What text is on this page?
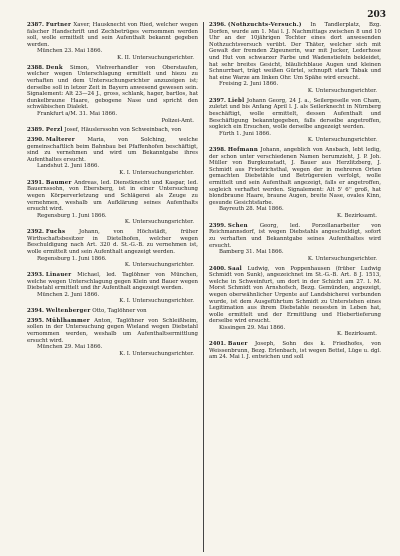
203

2387. Furtner Xaver, Hausknecht von Ried, welcher wegen falscher Handschrift und Zechbetrüges vernommen werden soll, wolle ermittelt und sein Aufenthalt bekannt gegeben werden.
München 23. Mai 1866.
K. II. Untersuchungsrichter.

2388. Denk Simon, Viehverhandler von Oberstaufen, welcher wegen Unterschlagung ermittelt und hiezu zu verhaften und dem Untersuchungsrichter anzuzeigen ist; derselbe soll in letzer Zeit in Bayern anwesend gewesen sein. Signalement: Alt 23—24 J., gross, schlank, hager, bartlos, hat dunkelbraune Haare, gebogene Nase und spricht den schwäbischen Dialekt.
Frankfurt a/M. 31. Mai 1866.
Polizei-Amt.

2389. Perzl Josef, Häuslerssohn von Schweinbach, von

2390. Malterer Maria, von Solching, welche gemeinschaftlich beim Bahnbau bei Pfaffenhofen beschäftigt, sind zu vernehmen und wird um Bekanntgabe ihres Aufenthaltes ersucht.
Landshut 2. Juni 1866.
K. I. Untersuchungsrichter.

2391. Baumer Andreas, led. Dienstknecht und Kaspar, led. Bauernssohn, von Ebersberg, ist in einer Untersuchung wegen Körperverletzung und Schlägerei als Zeuge zu vernehmen, weshalb um Aufklärung seines Aufenthalts ersucht wird.
Regensburg 1. Juni 1866.
K. Untersuchungsrichter.

2392. Fuchs	Johann, von Höchstädt, früher Wirthschaftsbesitzer in Dietelhofen, welcher wegen Beschuldigung nach Art. 320 d. St.-G.-B. zu vernehmen ist, wolle ermittelt und sein Aufenthalt angezeigt werden.
Regensburg 1. Juni 1866.
K. Untersuchungsrichter.

2393. Linauer Michael, led. Taglöhner von München, welche wegen Unterschlagung gegen Klein und Bauer wegen Diebstahl ermittelt und ihr Aufenthalt angezeigt werden.
München 2. Juni 1866.
K. I. Untersuchungsrichter.

2394. Weltenberger Otto, Taglöhner von

2395. Mühlhammer Anton, Taglöhner von Schleißheim, sollen in der Untersuchung gegen Wieland wegen Diebstahl vernommen werden, weshalb um Aufenthaltsermittlung ersucht wird.
München 29. Mai 1866.
K. I. Untersuchungsrichter.

2396. (Nothzuchts-Versuch.) In Tandlerplatz, Bzg. Dorfen, wurde am 1. Mai l. J. Nachmittags zwischen 8 und 10 Uhr an der 10jährigen Tochter eines dort anwesenden Nothzuchtsversuch verübt. Der Thäter, welcher sich mit Gewalt der fremden Zigeunerin, war mit Jucker, Lederhose und Hut von schwarzer Farbe und Wadenstiefeln bekleidet, hat sehr breites Gesicht, bläulichblaue Augen und kleinen Schnurrbart, trägt weißen Gürtel, schnupft stark Tabak und hat eine Warze am linken Ohr. Um Spähe wird ersucht.
Freising 2. Juni 1866.
K. Untersuchungsrichter.

2397. Liebl Johann Georg, 24 J. a., Seilergeselle von Cham, zuletzt und bis Anfang April l. J. als Seilerknecht in Nürnberg beschäftigt, wolle ermittelt, dessen Aufenthalt und Beschäftigung bekanntgegeben, falls derselbe angetroffen, sogleich ein Ersuchen, wolle derselbe angezeigt werden.
Fürth 1. Juni 1866.
K. Untersuchungsrichter.

2398. Hofmann Johann, angeblich von Ansbach, lebt ledig, der schon unter verschiedenen Namen herumzieht, J. P. Joh. Müller von Burgkunstadt, J. Bauer aus Herzlitzberg, J. Schmidt aus Friedrichsthal, wegen der in mehreren Orten gemachten Diebstähle und Betrügereien verfolgt, wolle ermittelt und sein Aufenthalt angezeigt, falls er angetroffen, sogleich verhaftet werden. Signalement: Alt 5' 6'' groß, hat blondbraune Haare, braune Augen, breite Nase, ovales Kinn, gesunde Gesichtsfarbe.
Bayreuth 28. Mai 1866.
K. Bezirksamt.

2399. Schen Georg, led. Porzellanarbeiter von Reichmannsdorf, ist wegen Diebstahls angeschuldigt, sofort zu verhaften und Bekanntgabe seines Aufenthaltes wird ersucht.
Bamberg 31. Mai 1866.
K. Untersuchungsrichter.

2400. Saal Ludwig, von Poppenhausen (früher Ludwig Schmidt von Sunk), angezeichnet im St.-G.-B. Art. 8 J. 1513, welche in Schweinfurt, um dort in der Schicht am 27. l. M. Morst Schmidt von Arnshofsch, Bezg. Gemünden, angezeigt, wegen oberwähnlicher Urgente auf Landsbicherei verbunden wurde, ist dem Ausgeführtum Schmidt zu Unterstehen eines Legitimation aus ihrem Diebstahle neuesten in Leben hat, wolle ermittelt und der Ermittlung und Hiebertieferung derselbe wird ersucht.
Kissingen 29. Mai 1866.
K. Bezirksamt.

2401. Bauer Joseph, Sohn des k. Friedhofes, von Weissenbrunn, Bezg. Erlenbach, ist wegen Bettel, Lüge u. dgl. am 24. Mai l. J. entwichen und soll
